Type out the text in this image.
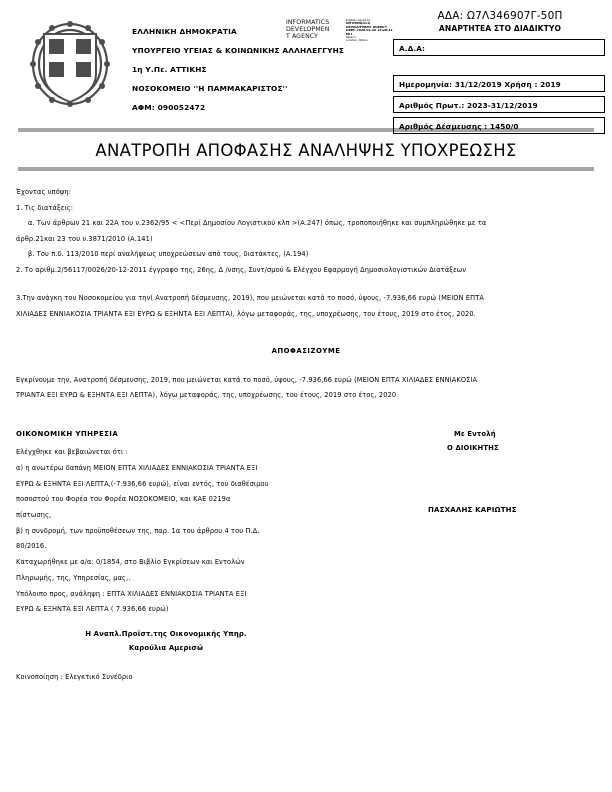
ΕΛΛΗΝΙΚΗ ΔΗΜΟΚΡΑΤΙΑ
ΥΠΟΥΡΓΕΙΟ ΥΓΕΙΑΣ & ΚΟΙΝΩΝΙΚΗΣ ΑΛΛΗΛΕΓΓΥΗΣ
1η Υ.Πε. ΑΤΤΙΚΗΣ
ΝΟΣΟΚΟΜΕΙΟ ''Η ΠΑΜΜΑΚΑΡΙΣΤΟΣ''
ΑΦΜ: 090052472
INFORMATICS
DEVELOPMEN
T AGENCY
Digitally signed by
INFORMATICS
DEVELOPMENT AGENCY
Date: 2020.01.20 13:26:31
EET
Reason:
Location: Athens
ΑΔΑ: Ω7Λ346907Γ-50Π
ΑΝΑΡΤΗΤΕΑ ΣΤΟ ΔΙΑΔΙΚΤΥΟ
Α.Δ.Α:
Ημερομηνία: 31/12/2019 Χρήση : 2019
Αριθμός Πρωτ.: 2023-31/12/2019
Αριθμός Δέσμευσης : 1450/0
ΑΝΑΤΡΟΠΗ ΑΠΟΦΑΣΗΣ ΑΝΑΛΗΨΗΣ ΥΠΟΧΡΕΩΣΗΣ
Έχοντας υπόψη:
1. Τις διατάξεις:
α. Των άρθρων 21 και 22Α του ν.2362/95 < <Περί Δημοσίου Λογιστικού κλπ >(Α.247) όπως, τροποποιήθηκε και συμπληρώθηκε με τα
άρθρ.21και 23 του ν.3871/2010 (Α.141)
β. Του π.δ. 113/2010 περί αναλήψεως υποχρεώσεων από τους, διατάκτες, (Α.194)
2. Το αριθμ.2/56117/0026/20-12-2011 έγγραφο της, 26ης, Δ /νσης, Συντ/σμού & Ελέγχου Εφαρμογή Δημοσιολογιστικών Διατάξεων
3.Την ανάγκη του Νοσοκομείου για την( Ανατροπή δέσμευσης, 2019), που μειώνεται κατά το ποσό, ύψους, -7.936,66 ευρώ (ΜΕΙΟΝ ΕΠΤΑ
ΧΙΛΙΑΔΕΣ ΕΝΝΙΑΚΟΣΙΑ ΤΡΙΑΝΤΑ ΕΞΙ ΕΥΡΩ & ΕΞΗΝΤΑ ΕΞΙ ΛΕΠΤΑ), λόγω μεταφοράς, της, υποχρέωσης, του έτους, 2019 στο έτος, 2020.
ΑΠΟΦΑΣΙΖΟΥΜΕ
Εγκρίνουμε την, Ανατροπή δέσμευσης, 2019, που μειώνεται κατά το ποσό, ύψους, -7.936,66 ευρώ (ΜΕΙΟΝ ΕΠΤΑ ΧΙΛΙΑΔΕΣ ΕΝΝΙΑΚΟΣΙΑ
ΤΡΙΑΝΤΑ ΕΞΙ ΕΥΡΩ & ΕΞΗΝΤΑ ΕΞΙ ΛΕΠΤΑ), λόγω μεταφοράς, της, υποχρέωσης, του έτους, 2019 στο έτος, 2020
ΟΙΚΟΝΟΜΙΚΗ ΥΠΗΡΕΣΙΑ
Ελέγχθηκε και βεβαιώνεται ότι :
α) η ανωτέρω δαπάνη ΜΕΙΟΝ ΕΠΤΑ ΧΙΛΙΑΔΕΣ ΕΝΝΙΑΚΟΣΙΑ ΤΡΙΑΝΤΑ ΕΞΙ
ΕΥΡΩ & ΕΞΗΝΤΑ ΕΞΙ ΛΕΠΤΑ,(-7.936,66 ευρώ), είναι εντός, του διαθέσιμου
ποσοστού του Φορέα του Φορέα ΝΟΣΟΚΟΜΕΙΟ, και ΚΑΕ 0219α
πίστωσης,
β) η συνδρομή, των προϋποθέσεων της, παρ. 1α του άρθρου 4 του Π.Δ.
80/2016.
Καταχωρήθηκε με α/α: 0/1854, στο Βιβλίο Εγκρίσεων και Εντολών
Πληρωμής, της, Υπηρεσίας, μας,.
Υπόλοιπο προς, ανάληψη : ΕΠΤΑ ΧΙΛΙΑΔΕΣ ΕΝΝΙΑΚΟΣΙΑ ΤΡΙΑΝΤΑ ΕΞΙ
ΕΥΡΩ & ΕΞΗΝΤΑ ΕΞΙ ΛΕΠΤΑ ( 7.936,66 ευρώ)
Η Αναπλ.Προϊστ.της Οικονομικής Υπηρ.
Καρούλια Αμερισώ
Κοινοποίηση : Ελεγκτικό Συνέδριο
Με Εντολή
Ο ΔΙΟΙΚΗΤΗΣ
ΠΑΣΧΑΛΗΣ ΚΑΡΙΩΤΗΣ
